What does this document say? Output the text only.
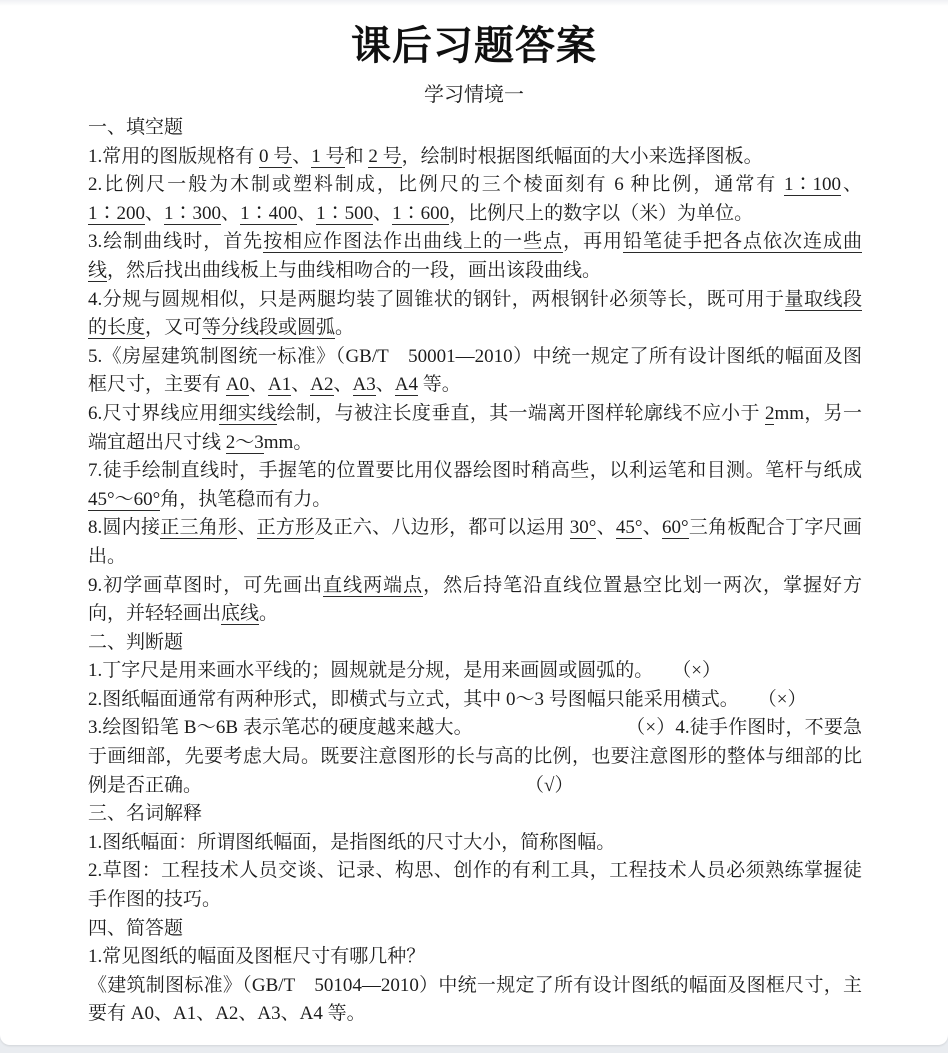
课后习题答案
学习情境一

一、填空题

1.常用的图版规格有 0 号、1 号和 2 号，绘制时根据图纸幅面的大小来选择图板。

2.比例尺一般为木制或塑料制成，比例尺的三个棱面刻有 6 种比例，通常有 1∶100、1∶200、1∶300、1∶400、1∶500、1∶600，比例尺上的数字以（米）为单位。

3.绘制曲线时，首先按相应作图法作出曲线上的一些点，再用铅笔徒手把各点依次连成曲线，然后找出曲线板上与曲线相吻合的一段，画出该段曲线。

4.分规与圆规相似，只是两腿均装了圆锥状的钢针，两根钢针必须等长，既可用于量取线段的长度，又可等分线段或圆弧。

5.《房屋建筑制图统一标准》（GB/T　50001—2010）中统一规定了所有设计图纸的幅面及图框尺寸，主要有 A0、A1、A2、A3、A4 等。

6.尺寸界线应用细实线绘制，与被注长度垂直，其一端离开图样轮廓线不应小于 2mm，另一端宜超出尺寸线 2～3mm。

7.徒手绘制直线时，手握笔的位置要比用仪器绘图时稍高些，以利运笔和目测。笔杆与纸成 45°～60°角，执笔稳而有力。

8.圆内接正三角形、正方形及正六、八边形，都可以运用 30°、45°、60°三角板配合丁字尺画出。

9.初学画草图时，可先画出直线两端点，然后持笔沿直线位置悬空比划一两次，掌握好方向，并轻轻画出底线。

二、判断题

1.丁字尺是用来画水平线的；圆规就是分规，是用来画圆或圆弧的。　　 （×）

2.图纸幅面通常有两种形式，即横式与立式，其中 0～3 号图幅只能采用横式。　　 （×）

3.绘图铅笔 B～6B 表示笔芯的硬度越来越大。　　　　　　　　　	（×）4.徒手作图时，不要急于画细部，先要考虑大局。既要注意图形的长与高的比例，也要注意图形的整体与细部的比例是否正确。　　　　　　　　　　　　　　　　　　	（√）

三、名词解释

1.图纸幅面：所谓图纸幅面，是指图纸的尺寸大小，简称图幅。

2.草图：工程技术人员交谈、记录、构思、创作的有利工具，工程技术人员必须熟练掌握徒手作图的技巧。

四、简答题

1.常见图纸的幅面及图框尺寸有哪几种？

《建筑制图标准》（GB/T　50104—2010）中统一规定了所有设计图纸的幅面及图框尺寸，主要有 A0、A1、A2、A3、A4 等。
